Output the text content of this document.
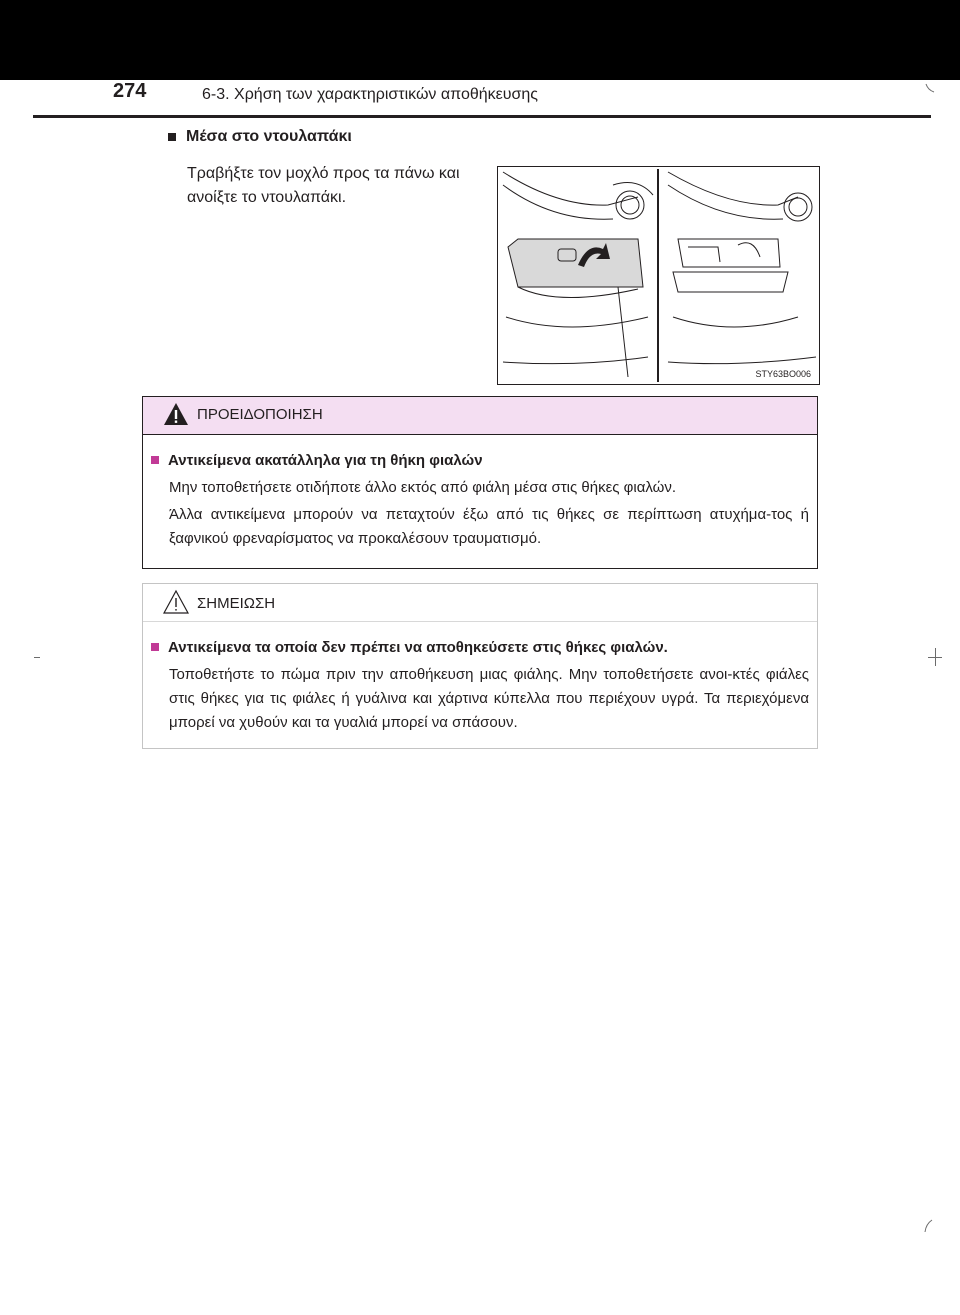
274	6-3. Χρήση των χαρακτηριστικών αποθήκευσης
Μέσα στο ντουλαπάκι
Τραβήξτε τον μοχλό προς τα πάνω και ανοίξτε το ντουλαπάκι.
STY63BO006
ΠΡΟΕΙΔΟΠΟΙΗΣΗ
Αντικείμενα ακατάλληλα για τη θήκη φιαλών
Μην τοποθετήσετε οτιδήποτε άλλο εκτός από φιάλη μέσα στις θήκες φιαλών.
Άλλα αντικείμενα μπορούν να πεταχτούν έξω από τις θήκες σε περίπτωση ατυχήμα-τος ή ξαφνικού φρεναρίσματος να προκαλέσουν τραυματισμό.
ΣΗΜΕΙΩΣΗ
Αντικείμενα τα οποία δεν πρέπει να αποθηκεύσετε στις θήκες φιαλών.
Τοποθετήστε το πώμα πριν την αποθήκευση μιας φιάλης. Μην τοποθετήσετε ανοι-κτές φιάλες στις θήκες για τις φιάλες ή γυάλινα και χάρτινα κύπελλα που περιέχουν υγρά. Τα περιεχόμενα μπορεί να χυθούν και τα γυαλιά μπορεί να σπάσουν.
